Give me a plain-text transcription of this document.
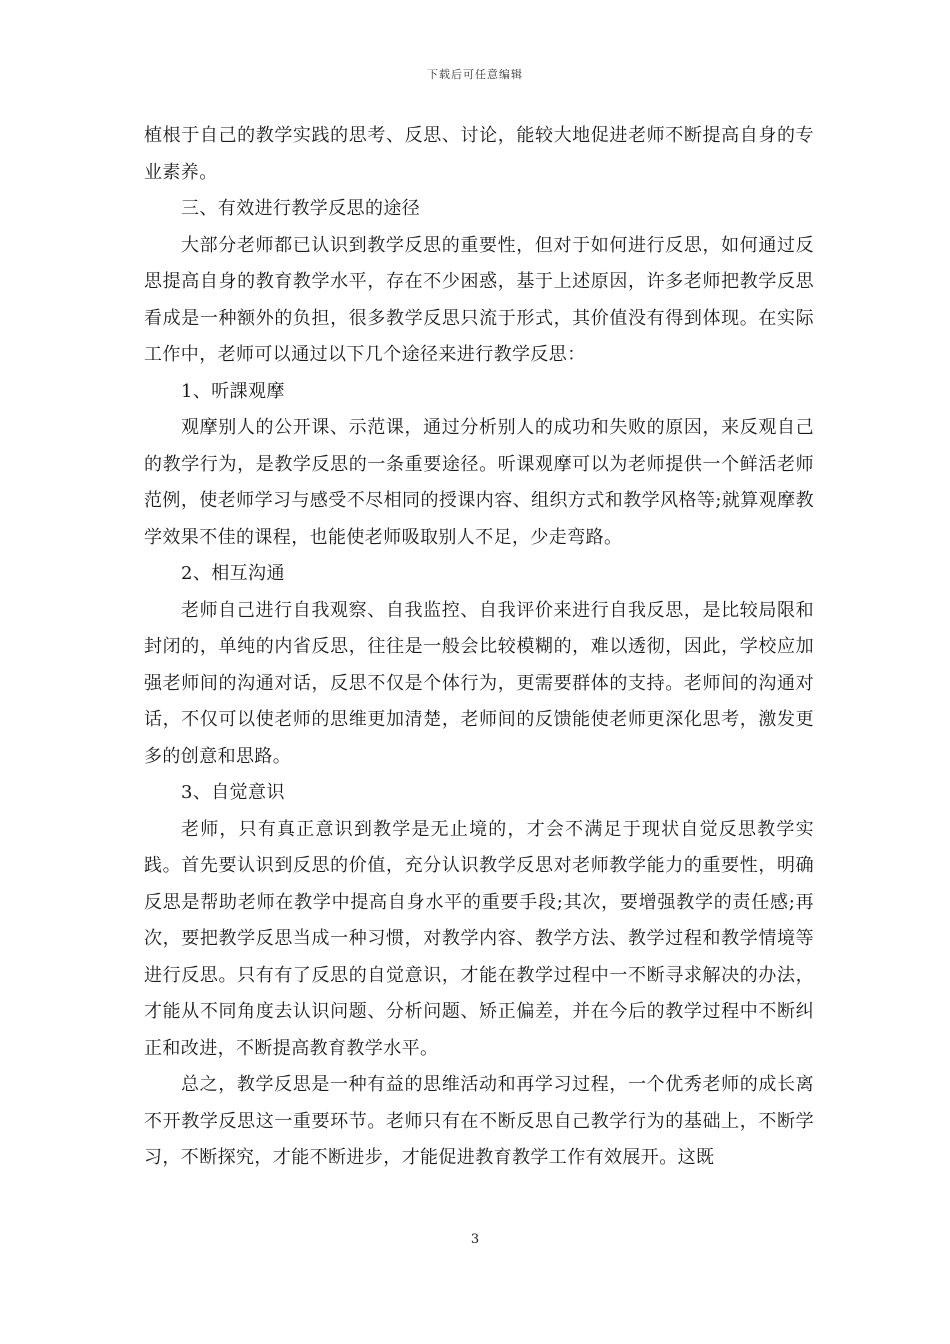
下载后可任意编辑

植根于自己的教学实践的思考、反思、讨论，能较大地促进老师不断提高自身的专业素养。

三、有效进行教学反思的途径

大部分老师都已认识到教学反思的重要性，但对于如何进行反思，如何通过反思提高自身的教育教学水平，存在不少困惑，基于上述原因，许多老师把教学反思看成是一种额外的负担，很多教学反思只流于形式，其价值没有得到体现。在实际工作中，老师可以通过以下几个途径来进行教学反思：

1、听課观摩

观摩别人的公开课、示范课，通过分析别人的成功和失败的原因，来反观自己的教学行为，是教学反思的一条重要途径。听课观摩可以为老师提供一个鲜活老师范例，使老师学习与感受不尽相同的授课内容、组织方式和教学风格等;就算观摩教学效果不佳的课程，也能使老师吸取别人不足，少走弯路。

2、相互沟通

老师自己进行自我观察、自我监控、自我评价来进行自我反思，是比较局限和封闭的，单纯的内省反思，往往是一般会比较模糊的，难以透彻，因此，学校应加强老师间的沟通对话，反思不仅是个体行为，更需要群体的支持。老师间的沟通对话，不仅可以使老师的思维更加清楚，老师间的反馈能使老师更深化思考，激发更多的创意和思路。

3、自觉意识

老师，只有真正意识到教学是无止境的，才会不满足于现状自觉反思教学实践。首先要认识到反思的价值，充分认识教学反思对老师教学能力的重要性，明确反思是帮助老师在教学中提高自身水平的重要手段;其次，要增强教学的责任感;再次，要把教学反思当成一种习惯，对教学内容、教学方法、教学过程和教学情境等进行反思。只有有了反思的自觉意识，才能在教学过程中一不断寻求解决的办法，才能从不同角度去认识问题、分析问题、矫正偏差，并在今后的教学过程中不断纠正和改进，不断提高教育教学水平。

总之，教学反思是一种有益的思维活动和再学习过程，一个优秀老师的成长离不开教学反思这一重要环节。老师只有在不断反思自己教学行为的基础上，不断学习，不断探究，才能不断进步，才能促进教育教学工作有效展开。这既

3
